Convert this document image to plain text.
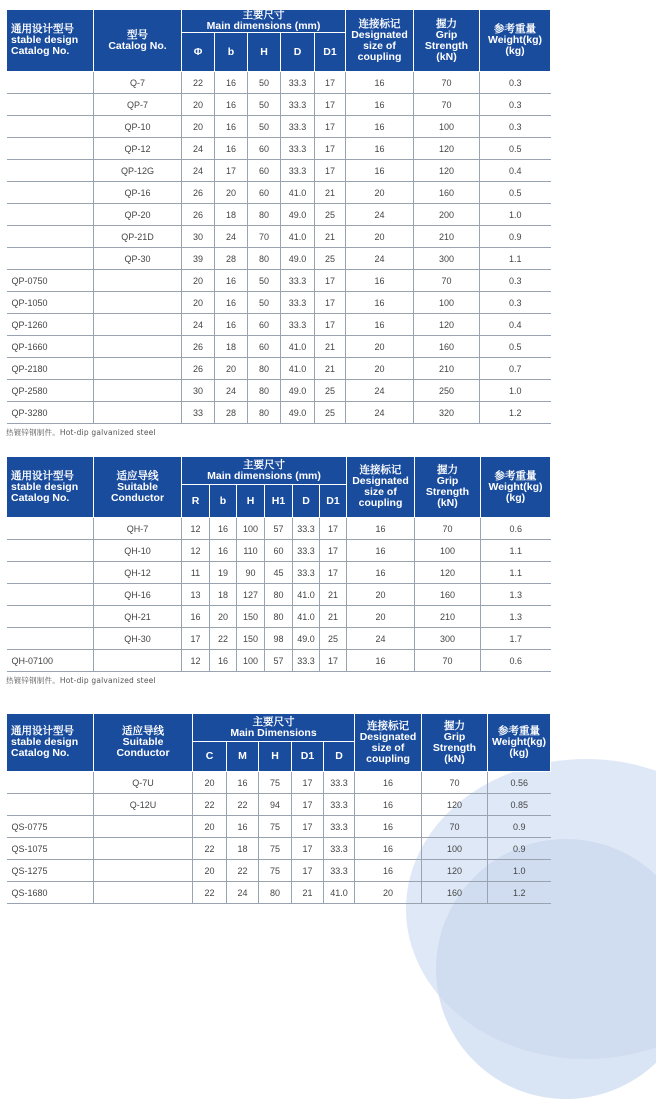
通用设计型号
stable design
Catalog No.	型号
Catalog No.	主要尺寸
Main dimensions (mm)					连接标记
Designated
size of
coupling	握力
Grip
Strength
(kN)	参考重量
Weight(kg)
(kg)

		Φ	b	H	D	D1			
	Q-7	22	16	50	33.3	17	16	70	0.3
	QP-7	20	16	50	33.3	17	16	70	0.3
	QP-10	20	16	50	33.3	17	16	100	0.3
	QP-12	24	16	60	33.3	17	16	120	0.5
	QP-12G	24	17	60	33.3	17	16	120	0.4
	QP-16	26	20	60	41.0	21	20	160	0.5
	QP-20	26	18	80	49.0	25	24	200	1.0
	QP-21D	30	24	70	41.0	21	20	210	0.9
	QP-30	39	28	80	49.0	25	24	300	1.1
QP-0750		20	16	50	33.3	17	16	70	0.3
QP-1050		20	16	50	33.3	17	16	100	0.3
QP-1260		24	16	60	33.3	17	16	120	0.4
QP-1660		26	18	60	41.0	21	20	160	0.5
QP-2180		26	20	80	41.0	21	20	210	0.7
QP-2580		30	24	80	49.0	25	24	250	1.0
QP-3280		33	28	80	49.0	25	24	320	1.2
热镀锌钢制件。Hot-dip galvanized steel
通用设计型号
stable design
Catalog No.	适应导线
Suitable
Conductor	主要尺寸
Main dimensions (mm)						连接标记
Designated
size of
coupling	握力
Grip
Strength
(kN)	参考重量
Weight(kg)
(kg)

		R	b	H	H1	D	D1			
	QH-7	12	16	100	57	33.3	17	16	70	0.6
	QH-10	12	16	110	60	33.3	17	16	100	1.1
	QH-12	11	19	90	45	33.3	17	16	120	1.1
	QH-16	13	18	127	80	41.0	21	20	160	1.3
	QH-21	16	20	150	80	41.0	21	20	210	1.3
	QH-30	17	22	150	98	49.0	25	24	300	1.7
QH-07100		12	16	100	57	33.3	17	16	70	0.6
热镀锌钢制件。Hot-dip galvanized steel
通用设计型号
stable design
Catalog No.	适应导线
Suitable
Conductor	主要尺寸
Main Dimensions					连接标记
Designated
size of
coupling	握力
Grip Strength
(kN)	参考重量
Weight(kg)
(kg)

		C	M	H	D1	D			
	Q-7U	20	16	75	17	33.3	16	70	0.56
	Q-12U	22	22	94	17	33.3	16	120	0.85
QS-0775		20	16	75	17	33.3	16	70	0.9
QS-1075		22	18	75	17	33.3	16	100	0.9
QS-1275		20	22	75	17	33.3	16	120	1.0
QS-1680		22	24	80	21	41.0	20	160	1.2
